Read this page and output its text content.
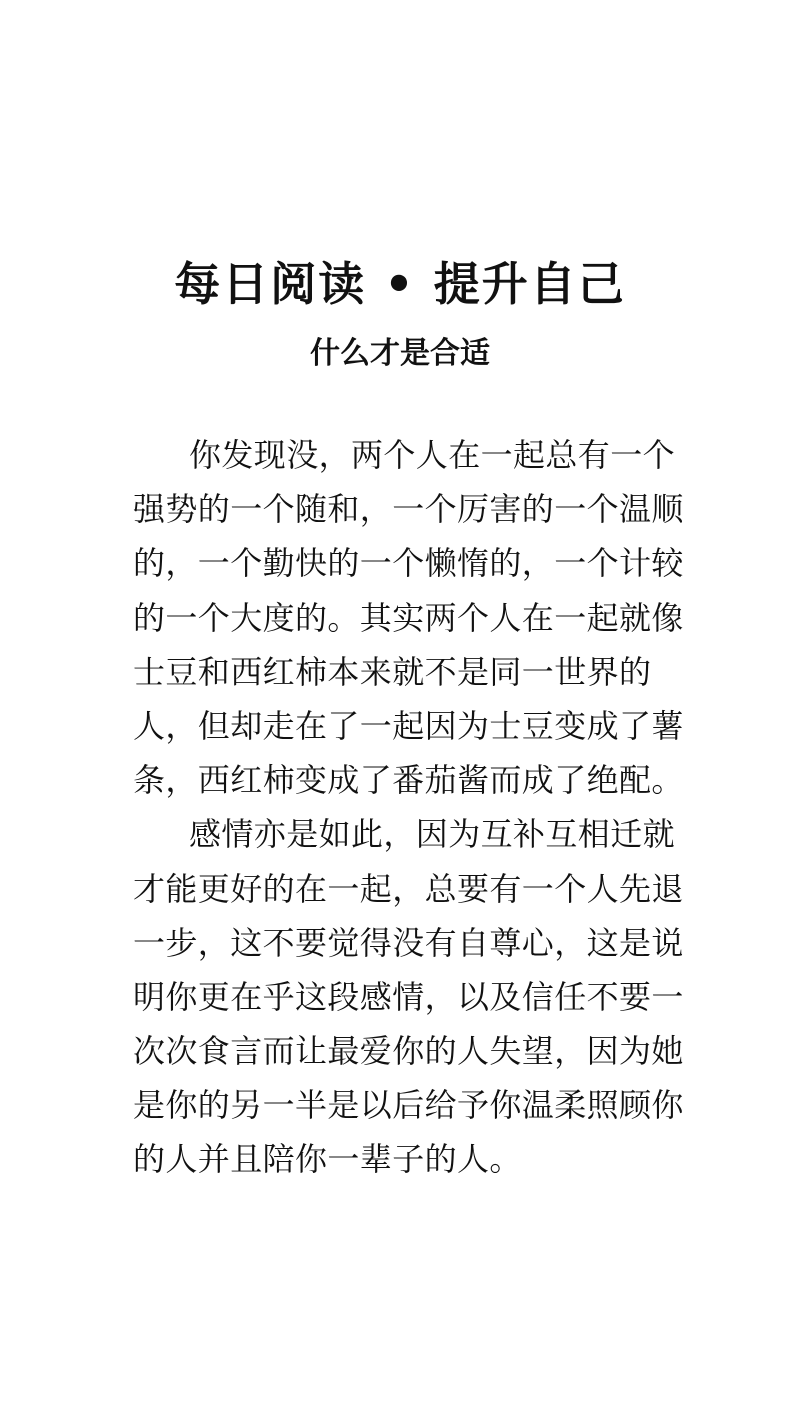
每日阅读 • 提升自己
什么才是合适

你发现没，两个人在一起总有一个

强势的一个随和，一个厉害的一个温顺

的，一个勤快的一个懒惰的，一个计较

的一个大度的。其实两个人在一起就像

士豆和西红柿本来就不是同一世界的

人，但却走在了一起因为士豆变成了薯

条，西红柿变成了番茄酱而成了绝配。

感情亦是如此，因为互补互相迁就

才能更好的在一起，总要有一个人先退

一步，这不要觉得没有自尊心，这是说

明你更在乎这段感情，以及信任不要一

次次食言而让最爱你的人失望，因为她

是你的另一半是以后给予你温柔照顾你

的人并且陪你一辈子的人。
